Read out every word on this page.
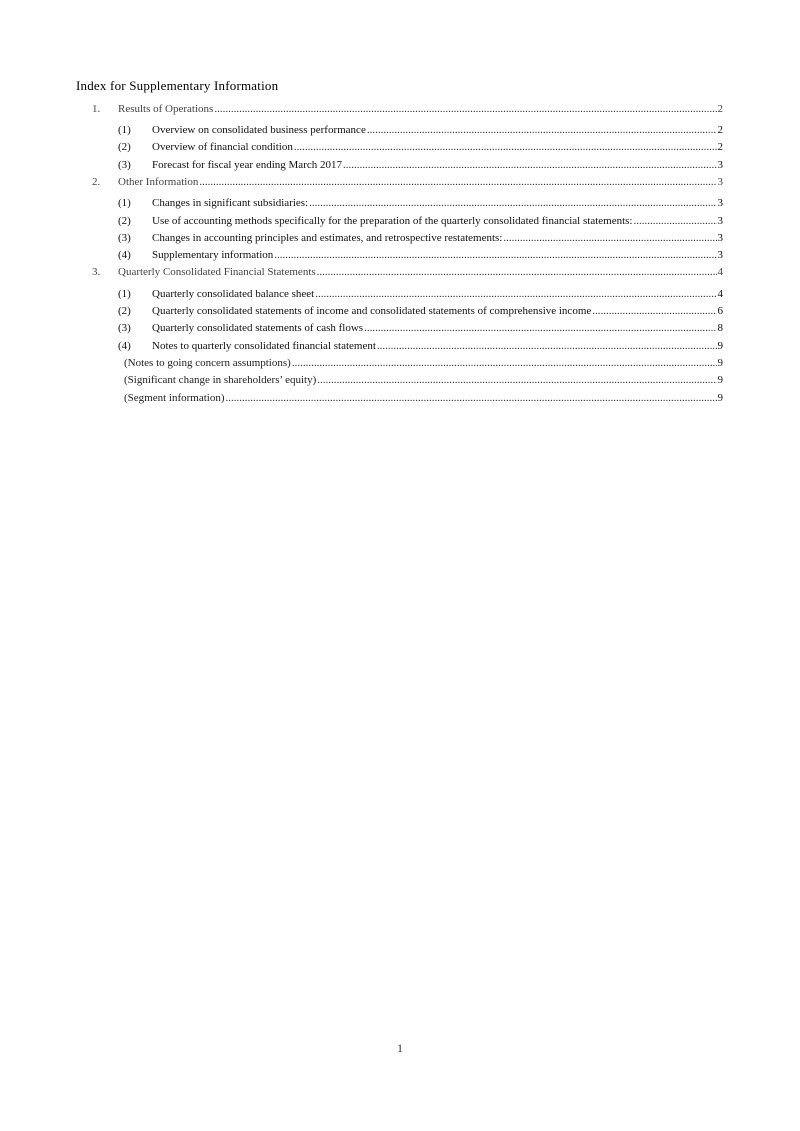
Index for Supplementary Information
1. Results of Operations .....	2
(1) Overview on consolidated business performance .....	2
(2) Overview of financial condition .....	2
(3) Forecast for fiscal year ending March 2017 .....	3
2. Other Information .....	3
(1) Changes in significant subsidiaries: .....	3
(2) Use of accounting methods specifically for the preparation of the quarterly consolidated financial statements: .....	3
(3) Changes in accounting principles and estimates, and retrospective restatements: .....	3
(4) Supplementary information .....	3
3. Quarterly Consolidated Financial Statements .....	4
(1) Quarterly consolidated balance sheet .....	4
(2) Quarterly consolidated statements of income and consolidated statements of comprehensive income .....	6
(3) Quarterly consolidated statements of cash flows .....	8
(4) Notes to quarterly consolidated financial statement .....	9
(Notes to going concern assumptions) .....	9
(Significant change in shareholders’ equity) .....	9
(Segment information) .....	9
1
